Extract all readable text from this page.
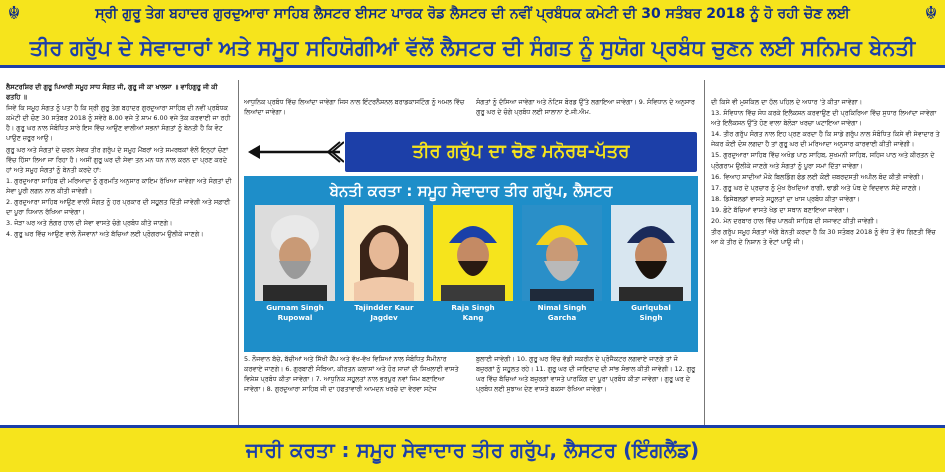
☬	ਸ੍ਰੀ ਗੁਰੂ ਤੇਗ ਬਹਾਦਰ ਗੁਰਦੁਆਰਾ ਸਾਹਿਬ ਲੈਸਟਰ ਈਸਟ ਪਾਰਕ ਰੋਡ ਲੈਸਟਰ ਦੀ ਨਵੀਂ ਪ੍ਰਬੰਧਕ ਕਮੇਟੀ ਦੀ 30 ਸਤੰਬਰ 2018 ਨੂੰ ਹੋ ਰਹੀ ਚੋਣ ਲਈ	☬
ਤੀਰ ਗਰੁੱਪ ਦੇ ਸੇਵਾਦਾਰਾਂ ਅਤੇ ਸਮੂਹ ਸਹਿਯੋਗੀਆਂ ਵੱਲੋਂ ਲੈਸਟਰ ਦੀ ਸੰਗਤ ਨੂੰ ਸੁਯੋਗ ਪ੍ਰਬੰਧ ਚੁਣਨ ਲਈ ਸਨਿਮਰ ਬੇਨਤੀ

ਲੈਸਟਰਸ਼ਿਰ ਦੀ ਗੁਰੂ ਪਿਆਰੀ ਸਮੂਹ ਸਾਧ ਸੰਗਤ ਜੀ, ਗੁਰੂ ਜੀ ਕਾ ਖਾਲਸਾ ॥ ਵਾਹਿਗੁਰੂ ਜੀ ਕੀ ਫਤਹਿ ॥

ਜਿਵੇਂ ਕਿ ਸਮੂਹ ਸੰਗਤ ਨੂੰ ਪਤਾ ਹੈ ਕਿ ਸ੍ਰੀ ਗੁਰੂ ਤੇਗ ਬਹਾਦਰ ਗੁਰਦੁਆਰਾ ਸਾਹਿਬ ਦੀ ਨਵੀਂ ਪ੍ਰਬੰਧਕ ਕਮੇਟੀ ਦੀ ਚੋਣ 30 ਸਤੰਬਰ 2018 ਨੂੰ ਸਵੇਰੇ 8.00 ਵਜੇ ਤੋਂ ਸ਼ਾਮ 6.00 ਵਜੇ ਤੱਕ ਕਰਵਾਈ ਜਾ ਰਹੀ ਹੈ। ਗੁਰੂ ਘਰ ਨਾਲ ਸੰਬੰਧਿਤ ਸਾਰੇ ਇਸ ਵਿੱਚ ਆਉਣ ਵਾਲੀਆਂ ਸਭਨਾਂ ਸੰਗਤਾਂ ਨੂੰ ਬੇਨਤੀ ਹੈ ਕਿ ਵੋਟ ਪਾਉਣ ਜ਼ਰੂਰ ਆਉ।

ਗੁਰੂ ਘਰ ਅਤੇ ਸੰਗਤਾਂ ਦੇ ਚਰਨ ਸੇਵਕ ਤੀਰ ਗਰੁੱਪ ਦੇ ਸਮੂਹ ਮੈਂਬਰਾਂ ਅਤੇ ਸਮਰਥਕਾਂ ਵੱਲੋਂ ਇਨ੍ਹਾਂ ਚੋਣਾਂ ਵਿੱਚ ਹਿੱਸਾ ਲਿਆ ਜਾ ਰਿਹਾ ਹੈ। ਅਸੀਂ ਗੁਰੂ ਘਰ ਦੀ ਸੇਵਾ ਤਨ ਮਨ ਧਨ ਨਾਲ ਕਰਨ ਦਾ ਪ੍ਰਣ ਕਰਦੇ ਹਾਂ ਅਤੇ ਸਮੂਹ ਸੰਗਤਾਂ ਨੂੰ ਬੇਨਤੀ ਕਰਦੇ ਹਾਂ:

1. ਗੁਰਦੁਆਰਾ ਸਾਹਿਬ ਦੀ ਮਰਿਆਦਾ ਨੂੰ ਗੁਰਮਤਿ ਅਨੁਸਾਰ ਕਾਇਮ ਰੱਖਿਆ ਜਾਵੇਗਾ ਅਤੇ ਸੰਗਤਾਂ ਦੀ ਸੇਵਾ ਪੂਰੀ ਲਗਨ ਨਾਲ ਕੀਤੀ ਜਾਵੇਗੀ।

2. ਗੁਰਦੁਆਰਾ ਸਾਹਿਬ ਆਉਣ ਵਾਲੀ ਸੰਗਤ ਨੂੰ ਹਰ ਪ੍ਰਕਾਰ ਦੀ ਸਹੂਲਤ ਦਿੱਤੀ ਜਾਵੇਗੀ ਅਤੇ ਸਫ਼ਾਈ ਦਾ ਪੂਰਾ ਧਿਆਨ ਰੱਖਿਆ ਜਾਵੇਗਾ।

3. ਜੋੜਾ ਘਰ ਅਤੇ ਲੰਗਰ ਹਾਲ ਦੀ ਸੇਵਾ ਵਾਸਤੇ ਚੰਗੇ ਪ੍ਰਬੰਧ ਕੀਤੇ ਜਾਣਗੇ।

4. ਗੁਰੂ ਘਰ ਵਿੱਚ ਆਉਣ ਵਾਲੇ ਨੌਜਵਾਨਾਂ ਅਤੇ ਬੱਚਿਆਂ ਲਈ ਪ੍ਰੋਗਰਾਮ ਉਲੀਕੇ ਜਾਣਗੇ।

ਆਧੁਨਿਕ ਪ੍ਰਬੰਧ ਵਿੱਚ ਲਿਆਂਦਾ ਜਾਵੇਗਾ ਜਿਸ ਨਾਲ ਇੰਟਰਨੈਸ਼ਨਲ ਬਰਾਡਕਾਸਟਿੰਗ ਨੂੰ ਅਮਲ ਵਿੱਚ ਲਿਆਂਦਾ ਜਾਵੇਗਾ।
ਸੰਗਤਾਂ ਨੂੰ ਦੱਸਿਆ ਜਾਵੇਗਾ ਅਤੇ ਨੋਟਿਸ ਬੋਰਡ ਉੱਤੇ ਲਗਾਇਆ ਜਾਵੇਗਾ। 9. ਸੰਵਿਧਾਨ ਦੇ ਅਨੁਸਾਰ ਗੁਰੂ ਘਰ ਦੇ ਚੰਗੇ ਪ੍ਰਬੰਧ ਲਈ ਸਾਲਾਨਾ ਏ.ਜੀ.ਐਮ.
ਤੀਰ ਗਰੁੱਪ ਦਾ ਚੋਣ ਮਨੋਰਥ-ਪੱਤਰ
ਬੇਨਤੀ ਕਰਤਾ : ਸਮੂਹ ਸੇਵਾਦਾਰ ਤੀਰ ਗਰੁੱਪ, ਲੈਸਟਰ
Gurnam Singh
Rupowal
Tajindder Kaur
Jagdev
Raja Singh
Kang
Nimal Singh
Garcha
Gurlqubal
Singh
5. ਨੌਜਵਾਨ ਬੱਚੇ, ਬੱਚੀਆਂ ਅਤੇ ਸਿੱਖੀ ਕੈਂਪ ਅਤੇ ਵੱਖ-ਵੱਖ ਵਿਸ਼ਿਆਂ ਨਾਲ ਸੰਬੰਧਿਤ ਸੈਮੀਨਾਰ ਕਰਵਾਏ ਜਾਣਗੇ। 6. ਗੁਰਬਾਣੀ ਸੰਥਿਆ, ਕੀਰਤਨ ਕਲਾਸਾਂ ਅਤੇ ਹੋਰ ਸਾਜ਼ਾਂ ਦੀ ਸਿਖਲਾਈ ਵਾਸਤੇ ਵਿਸ਼ੇਸ਼ ਪ੍ਰਬੰਧ ਕੀਤਾ ਜਾਵੇਗਾ। 7. ਆਧੁਨਿਕ ਸਹੂਲਤਾਂ ਨਾਲ ਭਰਪੂਰ ਨਵਾਂ ਜਿਮ ਬਣਾਇਆ ਜਾਵੇਗਾ। 8. ਗੁਰਦੁਆਰਾ ਸਾਹਿਬ ਜੀ ਦਾ ਹਫਤਾਵਾਰੀ ਆਮਦਨ ਖਰਚੇ ਦਾ ਵੇਰਵਾ ਸਟੇਜ
ਬੁਲਾਈ ਜਾਵੇਗੀ। 10. ਗੁਰੂ ਘਰ ਵਿੱਚ ਵੱਡੀ ਸਕਰੀਨ ਦੇ ਪ੍ਰੋਜੈਕਟਰ ਲਗਵਾਏ ਜਾਣਗੇ ਤਾਂ ਜੋ ਬਜ਼ੁਰਗਾਂ ਨੂੰ ਸਹੂਲਤ ਰਹੇ। 11. ਗੁਰੂ ਘਰ ਦੀ ਜਾਇਦਾਦ ਦੀ ਸਾਂਭ ਸੰਭਾਲ ਕੀਤੀ ਜਾਵੇਗੀ। 12. ਗੁਰੂ ਘਰ ਵਿੱਚ ਬੱਚਿਆਂ ਅਤੇ ਬਜ਼ੁਰਗਾਂ ਵਾਸਤੇ ਪਾਰਕਿੰਗ ਦਾ ਪੂਰਾ ਪ੍ਰਬੰਧ ਕੀਤਾ ਜਾਵੇਗਾ। ਗੁਰੂ ਘਰ ਦੇ ਪ੍ਰਬੰਧ ਲਈ ਸੁਝਾਅ ਦੇਣ ਵਾਸਤੇ ਬਕਸਾ ਰੱਖਿਆ ਜਾਵੇਗਾ।

ਦੀ ਕਿਸੇ ਵੀ ਮੁਸ਼ਕਿਲ ਦਾ ਹੱਲ ਪਹਿਲ ਦੇ ਅਧਾਰ 'ਤੇ ਕੀਤਾ ਜਾਵੇਗਾ।

13. ਸੰਵਿਧਾਨ ਵਿੱਚ ਸੋਧ ਕਰਕੇ ਇਲੈਕਸ਼ਨ ਕਰਵਾਉਣ ਦੀ ਪ੍ਰਕਿਰਿਆ ਵਿੱਚ ਸੁਧਾਰ ਲਿਆਂਦਾ ਜਾਵੇਗਾ ਅਤੇ ਇਲੈਕਸ਼ਨ ਉੱਤੇ ਹੋਣ ਵਾਲਾ ਬੇਲੋੜਾ ਖਰਚਾ ਘਟਾਇਆ ਜਾਵੇਗਾ।

14. ਤੀਰ ਗਰੁੱਪ ਸੰਗਤ ਨਾਲ ਇਹ ਪ੍ਰਣ ਕਰਦਾ ਹੈ ਕਿ ਸਾਡੇ ਗਰੁੱਪ ਨਾਲ ਸੰਬੰਧਿਤ ਕਿਸੇ ਵੀ ਸੇਵਾਦਾਰ ਤੇ ਜੇਕਰ ਕੋਈ ਦੋਸ਼ ਲਗਦਾ ਹੈ ਤਾਂ ਗੁਰੂ ਘਰ ਦੀ ਮਰਿਆਦਾ ਅਨੁਸਾਰ ਕਾਰਵਾਈ ਕੀਤੀ ਜਾਵੇਗੀ।

15. ਗੁਰਦੁਆਰਾ ਸਾਹਿਬ ਵਿੱਚ ਅਖੰਡ ਪਾਠ ਸਾਹਿਬ, ਸੁਖਮਨੀ ਸਾਹਿਬ, ਸਹਿਜ ਪਾਠ ਅਤੇ ਕੀਰਤਨ ਦੇ ਪ੍ਰੋਗਰਾਮ ਉਲੀਕੇ ਜਾਣਗੇ ਅਤੇ ਸੰਗਤਾਂ ਨੂੰ ਪੂਰਾ ਸਮਾਂ ਦਿੱਤਾ ਜਾਵੇਗਾ।

16. ਵਿਆਹ ਸ਼ਾਦੀਆਂ ਮੌਕੇ ਬਿਲਡਿੰਗ ਫੰਡ ਲਈ ਕੋਈ ਜ਼ਬਰਦਸਤੀ ਅਪੀਲ ਬੰਦ ਕੀਤੀ ਜਾਵੇਗੀ।

17. ਗੁਰੂ ਘਰ ਦੇ ਪ੍ਰਚਾਰ ਨੂੰ ਮੁੱਖ ਰੱਖਦਿਆਂ ਰਾਗੀ, ਢਾਡੀ ਅਤੇ ਪੰਥ ਦੇ ਵਿਦਵਾਨ ਸੱਦੇ ਜਾਣਗੇ।

18. ਡਿਸੇਬਲਡਾਂ ਵਾਸਤੇ ਸਹੂਲਤਾਂ ਦਾ ਖ਼ਾਸ ਪ੍ਰਬੰਧ ਕੀਤਾ ਜਾਵੇਗਾ।

19. ਛੋਟੇ ਬੱਚਿਆਂ ਵਾਸਤੇ ਖੇਡ ਦਾ ਸਥਾਨ ਬਣਾਇਆ ਜਾਵੇਗਾ।

20. ਮੇਨ ਦਰਬਾਰ ਹਾਲ ਵਿੱਚ ਪਾਲਕੀ ਸਾਹਿਬ ਦੀ ਸਜਾਵਟ ਕੀਤੀ ਜਾਵੇਗੀ।

ਤੀਰ ਗਰੁੱਪ ਸਮੂਹ ਸੰਗਤਾਂ ਅੱਗੇ ਬੇਨਤੀ ਕਰਦਾ ਹੈ ਕਿ 30 ਸਤੰਬਰ 2018 ਨੂੰ ਵੱਧ ਤੋਂ ਵੱਧ ਗਿਣਤੀ ਵਿੱਚ ਆ ਕੇ ਤੀਰ ਦੇ ਨਿਸ਼ਾਨ ਤੇ ਵੋਟਾਂ ਪਾਉ ਜੀ।

ਜਾਰੀ ਕਰਤਾ : ਸਮੂਹ ਸੇਵਾਦਾਰ ਤੀਰ ਗਰੁੱਪ, ਲੈਸਟਰ (ਇੰਗਲੈਂਡ)
